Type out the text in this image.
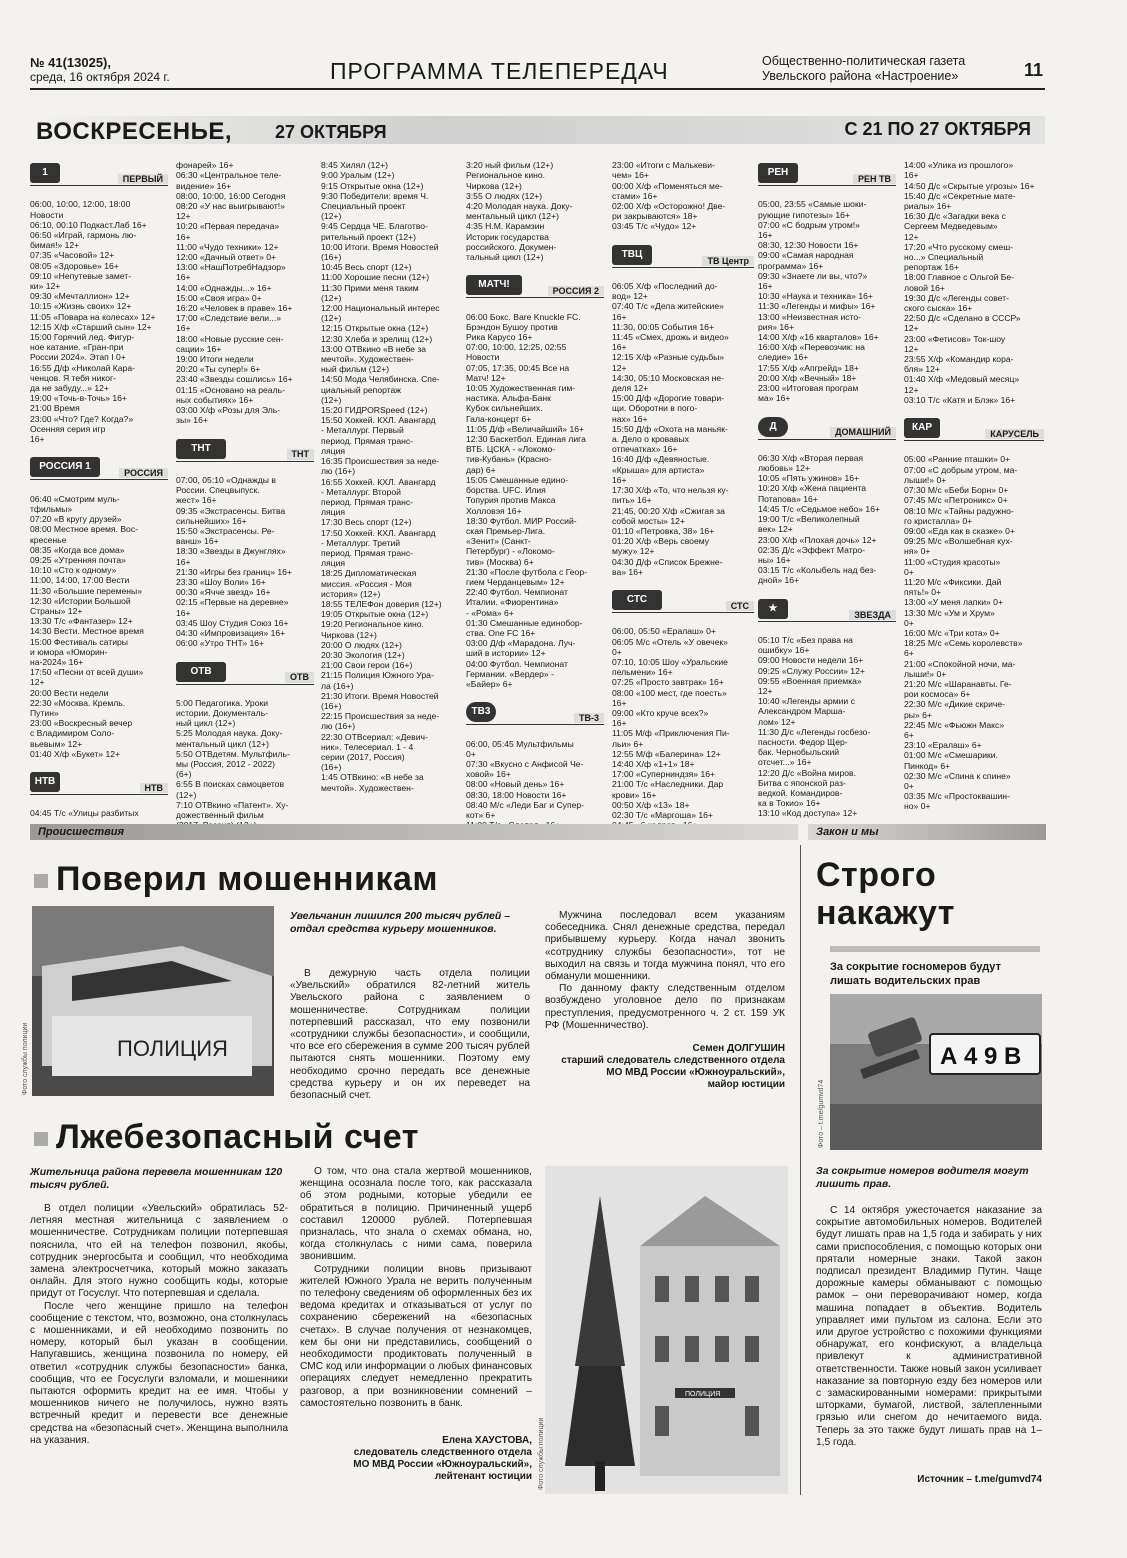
№ 41(13025),
среда, 16 октября 2024 г.	ПРОГРАММА ТЕЛЕПЕРЕДАЧ	Общественно-политическая газета
Увельского района «Настроение»	11
ВОСКРЕСЕНЬЕ, 27 ОКТЯБРЯ	С 21 ПО 27 ОКТЯБРЯ

1

ПЕРВЫЙ

06:00, 10:00, 12:00, 18:00
Новости
06:10, 00:10 Подкаст.Лаб 16+
06:50 «Играй, гармонь лю-
бимая!» 12+
07:35 «Часовой» 12+
08:05 «Здоровье» 16+
09:10 «Непутевые замет-
ки» 12+
09:30 «Мечталлион» 12+
10:15 «Жизнь своих» 12+
11:05 «Повара на колесах» 12+
12:15 Х/ф «Старший сын» 12+
15:00 Горячий лед. Фигур-
ное катание. «Гран-при
России 2024». Этап I 0+
16:55 Д/ф «Николай Кара-
ченцов. Я тебя никог-
да не забуду...» 12+
19:00 «Точь-в-Точь» 16+
21:00 Время
23:00 «Что? Где? Когда?»
Осенняя серия игр
16+

РОССИЯ 1

РОССИЯ

06:40 «Смотрим муль-
тфильмы»
07:20 «В кругу друзей»
08:00 Местное время. Вос-
кресенье
08:35 «Когда все дома»
09:25 «Утренняя почта»
10:10 «Сто к одному»
11:00, 14:00, 17:00 Вести
11:30 «Большие перемены»
12:30 «Истории Большой
Страны» 12+
13:30 Т/с «Фантазер» 12+
14:30 Вести. Местное время
15:00 Фестиваль сатиры
и юмора «Юморин-
на-2024» 16+
17:50 «Песни от всей души»
12+
20:00 Вести недели
22:30 «Москва. Кремль.
Путин»
23:00 «Воскресный вечер
с Владимиром Соло-
вьевым» 12+
01:40 Х/ф «Букет» 12+

НТВ

НТВ

04:45 Т/с «Улицы разбитых

фонарей» 16+
06:30 «Центральное теле-
видение» 16+
08:00, 10:00, 16:00 Сегодня
08:20 «У нас выигрывают!»
12+
10:20 «Первая передача»
16+
11:00 «Чудо техники» 12+
12:00 «Дачный ответ» 0+
13:00 «НашПотребНадзор»
16+
14:00 «Однажды...» 16+
15:00 «Своя игра» 0+
16:20 «Человек в праве» 16+
17:00 «Следствие вели...»
16+
18:00 «Новые русские сен-
сации» 16+
19:00 Итоги недели
20:20 «Ты супер!» 6+
23:40 «Звезды сошлись» 16+
01:15 «Основано на реаль-
ных событиях» 16+
03:00 Х/ф «Розы для Эль-
зы» 16+

ТНТ

ТНТ

07:00, 05:10 «Однажды в
России. Спецвыпуск.
жест» 16+
09:35 «Экстрасенсы. Битва
сильнейших» 16+
15:50 «Экстрасенсы. Ре-
ванш» 16+
18:30 «Звезды в Джунглях»
16+
21:30 «Игры без границ» 16+
23:30 «Шоу Воли» 16+
00:30 «Ячче звезд» 16+
02:15 «Первые на деревне»
16+
03:45 Шоу Студия Союз 16+
04:30 «Импровизация» 16+
06:00 «Утро ТНТ» 16+

ОТВ

ОТВ

5:00 Педагогика. Уроки
истории. Документаль-
ный цикл (12+)
5:25 Молодая наука. Доку-
ментальный цикл (12+)
5:50 ОТВдетям. Мультфиль-
мы (Россия, 2012 - 2022)
(6+)
6:55 В поисках самоцветов
(12+)
7:10 ОТВкино «Патент». Ху-
дожественный фильм

8:45 Хилял (12+)
9:00 Уралым (12+)
9:15 Открытые окна (12+)
9:30 Победители: время Ч.
Специальный проект
(12+)
9:45 Сердца ЧЕ. Благотво-
рительный проект (12+)
10:00 Итоги. Время Новостей
(16+)
10:45 Весь спорт (12+)
11:00 Хорошие песни (12+)
11:30 Прими меня таким
(12+)
12:00 Национальный интерес
(12+)
12:15 Открытые окна (12+)
12:30 Хлеба и зрелищ (12+)
13:00 ОТВкино «В небе за
мечтой». Художествен-
ный фильм (12+)
14:50 Мода Челябинска. Спе-
циальный репортаж
(12+)
15:20 ГИДРОRSpeed (12+)
15:50 Хоккей. КХЛ. Авангард
- Металлург. Первый
период. Прямая транс-
ляция
16:35 Происшествия за неде-
лю (16+)
16:55 Хоккей. КХЛ. Авангард
- Металлург. Второй
период. Прямая транс-
ляция
17:30 Весь спорт (12+)
17:50 Хоккей. КХЛ. Авангард
- Металлург. Третий
период. Прямая транс-
ляция
18:25 Дипломатическая
миссия. «Россия - Моя
история» (12+)
18:55 ТЕЛЕФон доверия (12+)
19:05 Открытые окна (12+)
19:20 Региональное кино.
Чиркова (12+)
20:00 О людях (12+)
20:30 Экология (12+)
21:00 Свои герои (16+)
21:15 Полиция Южного Ура-
ла (16+)
21:30 Итоги. Время Новостей
(16+)
22:15 Происшествия за неде-
лю (16+)
22:30 ОТВсериал: «Девич-
ник». Телесериал. 1 - 4
серии (2017, Россия)
(16+)
1:45 ОТВкино: «В небе за
мечтой». Художествен-

3:20 ный фильм (12+)
Региональное кино.
Чиркова (12+)
3:55 О людях (12+)
4:20 Молодая наука. Доку-
ментальный цикл (12+)
4:35 Н.М. Карамзин
Историк государства
российского. Докумен-
тальный цикл (12+)

МАТЧ!

РОССИЯ 2

06:00 Бокс. Bare Knuckle FC.
Брэндон Бушоу против
Рика Карусо 16+
07:00, 10:00, 12:25, 02:55
Новости
07:05, 17:35, 00:45 Все на
Матч! 12+
10:05 Художественная гим-
настика. Альфа-Банк
Кубок сильнейших.
Гала-концерт 6+
11:05 Д/ф «Величайший» 16+
12:30 Баскетбол. Единая лига
ВТБ. ЦСКА - «Локомо-
тив-Кубань» (Красно-
дар) 6+
15:05 Смешанные едино-
борства. UFC. Илия
Топурия против Макса
Холловэя 16+
18:30 Футбол. МИР Россий-
ская Премьер-Лига.
«Зенит» (Санкт-
Петербург) - «Локомо-
тив» (Москва) 6+
21:30 «После футбола с Геор-
гием Черданцевым» 12+
22:40 Футбол. Чемпионат
Италии. «Фиорентина»
- «Рома» 6+
01:30 Смешанные единобор-
ства. One FC 16+
03:00 Д/ф «Марадона. Луч-
ший в истории» 12+
04:00 Футбол. Чемпионат
Германии. «Вердер» -
«Байер» 6+

ТВ3

ТВ-3

06:00, 05:45 Мультфильмы
0+
07:30 «Вкусно с Анфисой Че-
ховой» 16+
08:00 «Новый день» 16+
08:30, 18:00 Новости 16+
08:40 М/с «Леди Баг и Супер-
кот» 6+

23:00 «Итоги с Малькеви-
чем» 16+
00:00 Х/ф «Поменяться ме-
стами» 16+
02:00 Х/ф «Осторожно! Две-
ри закрываются» 18+
03:45 Т/с «Чудо» 12+

ТВЦ

ТВ Центр

06:05 Х/ф «Последний до-
вод» 12+
07:40 Т/с «Дела житейские»
16+
11:30, 00:05 События 16+
11:45 «Смех, дрожь и видео»
16+
12:15 Х/ф «Разные судьбы»
12+
14:30, 05:10 Московская не-
деля 12+
15:00 Д/ф «Дорогие товари-
щи. Оборотни в пого-
нах» 16+
15:50 Д/ф «Охота на маньяк-
а. Дело о кровавых
отпечатках» 16+
16:40 Д/ф «Девяностые.
«Крыша» для артиста»
16+
17:30 Х/ф «То, что нельзя ку-
пить» 16+
21:45, 00:20 Х/ф «Сжигая за
собой мосты» 12+
01:10 «Петровка, 38» 16+
01:20 Х/ф «Верь своему
мужу» 12+
04:30 Д/ф «Список Брежне-
ва» 16+

СТС

СТС

06:00, 05:50 «Ералаш» 0+
06:05 М/с «Отель «У овечек»
0+
07:10, 10:05 Шоу «Уральские
пельмени» 16+
07:25 «Просто завтрак» 16+
08:00 «100 мест, где поесть»
16+
09:00 «Кто круче всех?»
16+
11:05 М/ф «Приключения Пи-
льи» 6+
12:55 М/ф «Балерина» 12+
14:40 Х/ф «1+1» 18+
17:00 «Суперниндзя» 16+
21:00 Т/с «Наследники. Дар
крови» 16+
00:50 Х/ф «13» 18+
02:30 Т/с «Маргоша» 16+

РЕН

РЕН ТВ

05:00, 23:55 «Самые шоки-
рующие гипотезы» 16+
07:00 «С бодрым утром!»
16+
08:30, 12:30 Новости 16+
09:00 «Самая народная
программа» 16+
09:30 «Знаете ли вы, что?»
16+
10:30 «Наука и техника» 16+
11:30 «Легенды и мифы» 16+
13:00 «Неизвестная исто-
рия» 16+
14:00 Х/ф «16 кварталов» 16+
16:00 Х/ф «Перевозчик: на
следие» 16+
17:55 Х/ф «Апгрейд» 18+
20:00 Х/ф «Вечный» 18+
23:00 «Итоговая програм
ма» 16+

Д

ДОМАШНИЙ

06:30 Х/ф «Вторая первая
любовь» 12+
10:05 «Пять ужинов» 16+
10:20 Х/ф «Жена пациента
Потапова» 16+
14:45 Т/с «Седьмое небо» 16+
19:00 Т/с «Великолепный
век» 12+
23:00 Х/ф «Плохая дочь» 12+
02:35 Д/с «Эффект Матро-
ны» 16+
03:15 Т/с «Колыбель над без-
дной» 16+

★

ЗВЕЗДА

05:10 Т/с «Без права на
ошибку» 16+
09:00 Новости недели 16+
09:25 «Служу России» 12+
09:55 «Военная приемка»
12+
10:40 «Легенды армии с
Александром Марша-
лом» 12+
11:30 Д/с «Легенды госбезо-
пасности. Федор Щер-
бак. Чернобыльский
отсчет...» 16+
12:20 Д/с «Война миров.
Битва с японской раз-
ведкой. Командиров-
ка в Токио» 16+
13:10 «Код доступа» 12+

14:00 «Улика из прошлого»
16+
14:50 Д/с «Скрытые угрозы» 16+
15:40 Д/с «Секретные мате-
риалы» 16+
16:30 Д/с «Загадки века с
Сергеем Медведевым»
12+
17:20 «Что русскому смеш-
но...» Специальный
репортаж 16+
18:00 Главное с Ольгой Бе-
ловой 16+
19:30 Д/с «Легенды совет-
ского сыска» 16+
22:50 Д/с «Сделано в СССР»
12+
23:00 «Фетисов» Ток-шоу
12+
23:55 Х/ф «Командир кора-
бля» 12+
01:40 Х/ф «Медовый месяц»
12+
03:10 Т/с «Катя и Блэк» 16+

КАР

КАРУСЕЛЬ

05:00 «Ранние пташки» 0+
07:00 «С добрым утром, ма-
лыши!» 0+
07:30 М/с «Беби Борн» 0+
07:45 М/с «Петроникс» 0+
08:10 М/с «Тайны радужно-
го кристалла» 0+
09:00 «Еда как в сказке» 0+
09:25 М/с «Волшебная кух-
ня» 0+
11:00 «Студия красоты»
0+
11:20 М/с «Фиксики. Дай
пять!» 0+
13:00 «У меня лапки» 0+
13:30 М/с «Ум и Хрум»
0+
16:00 М/с «Три кота» 0+
18:25 М/с «Семь королевств»
6+
21:00 «Спокойной ночи, ма-
лыши!» 0+
21:20 М/с «Шаранавты. Ге-
рои космоса» 6+
22:30 М/с «Дикие скриче-
ры» 6+
22:45 М/с «Фьюжн Макс»
6+
23:10 «Ералаш» 6+
01:00 М/с «Смешарики.
Пинкод» 6+
02:30 М/с «Спина к спине»
0+
03:35 М/с «Простоквашин-
но» 0+

Происшествия	Закон и мы
Поверил мошенникам
ПОЛИЦИЯ
Фото службы полиции
Увельчанин лишился 200 тысяч рублей – отдал средства курьеру мошенников.

В дежурную часть отдела полиции «Увельский» обратился 82-летний житель Увельского района с заявлением о мошенничестве. Сотрудникам полиции потерпевший рассказал, что ему позвонили «сотрудники службы безопасности», и сообщили, что все его сбережения в сумме 200 тысяч рублей пытаются снять мошенники. Поэтому ему необходимо срочно передать все денежные средства курьеру и он их переведет на безопасный счет.

Мужчина последовал всем указаниям собеседника. Снял денежные средства, передал прибывшему курьеру. Когда начал звонить «сотруднику службы безопасности», тот не выходил на связь и тогда мужчина понял, что его обманули мошенники.

По данному факту следственным отделом возбуждено уголовное дело по признакам преступления, предусмотренного ч. 2 ст. 159 УК РФ (Мошенничество).

Семен ДОЛГУШИН
старший следователь следственного отдела МО МВД России «Южноуральский»,
майор юстиции
Лжебезопасный счет
Жительница района перевела мошенникам 120 тысяч рублей.

В отдел полиции «Увельский» обратилась 52-летняя местная жительница с заявлением о мошенничестве. Сотрудникам полиции потерпевшая пояснила, что ей на телефон позвонил, якобы, сотрудник энергосбыта и сообщил, что необходима замена электросчетчика, который можно заказать онлайн. Для этого нужно сообщить коды, которые придут от Госуслуг. Что потерпевшая и сделала.

После чего женщине пришло на телефон сообщение с текстом, что, возможно, она столкнулась с мошенниками, и ей необходимо позвонить по номеру, который был указан в сообщении. Напугавшись, женщина позвонила по номеру, ей ответил «сотрудник службы безопасности» банка, сообщив, что ее Госуслуги взломали, и мошенники пытаются оформить кредит на ее имя. Чтобы у мошенников ничего не получилось, нужно взять встречный кредит и перевести все денежные средства на «безопасный счет». Женщина выполнила на указания.

О том, что она стала жертвой мошенников, женщина осознала после того, как рассказала об этом родными, которые убедили ее обратиться в полицию. Причиненный ущерб составил 120000 рублей. Потерпевшая призналась, что знала о схемах обмана, но, когда столкнулась с ними сама, поверила звонившим.

Сотрудники полиции вновь призывают жителей Южного Урала не верить полученным по телефону сведениям об оформленных без их ведома кредитах и отказываться от услуг по сохранению сбережений на «безопасных счетах». В случае получения от незнакомцев, кем бы они ни представились, сообщений о необходимости продиктовать полученный в СМС код или информации о любых финансовых операциях следует немедленно прекратить разговор, а при возникновении сомнений – самостоятельно позвонить в банк.

Елена ХАУСТОВА,
следователь следственного отдела
МО МВД России «Южноуральский»,
лейтенант юстиции
ПОЛИЦИЯ
Фото службы полиции
Строго
накажут
За сокрытие госномеров будут лишать водительских прав
А 4 9 В
Фото – t.me/gumvd74
За сокрытие номеров водителя могут лишить прав.

С 14 октября ужесточается наказание за сокрытие автомобильных номеров. Водителей будут лишать прав на 1,5 года и забирать у них сами приспособления, с помощью которых они прятали номерные знаки. Такой закон подписал президент Владимир Путин. Чаще дорожные камеры обманывают с помощью рамок – они переворачивают номер, когда машина попадает в объектив. Водитель управляет ими пультом из салона. Если это или другое устройство с похожими функциями обнаружат, его конфискуют, а владельца привлекут к административной ответственности. Также новый закон усиливает наказание за повторную езду без номеров или с замаскированными номерами: прикрытыми шторками, бумагой, листвой, залепленными грязью или снегом до нечитаемого вида. Теперь за это также будут лишать прав на 1–1,5 года.

Источник – t.me/gumvd74
